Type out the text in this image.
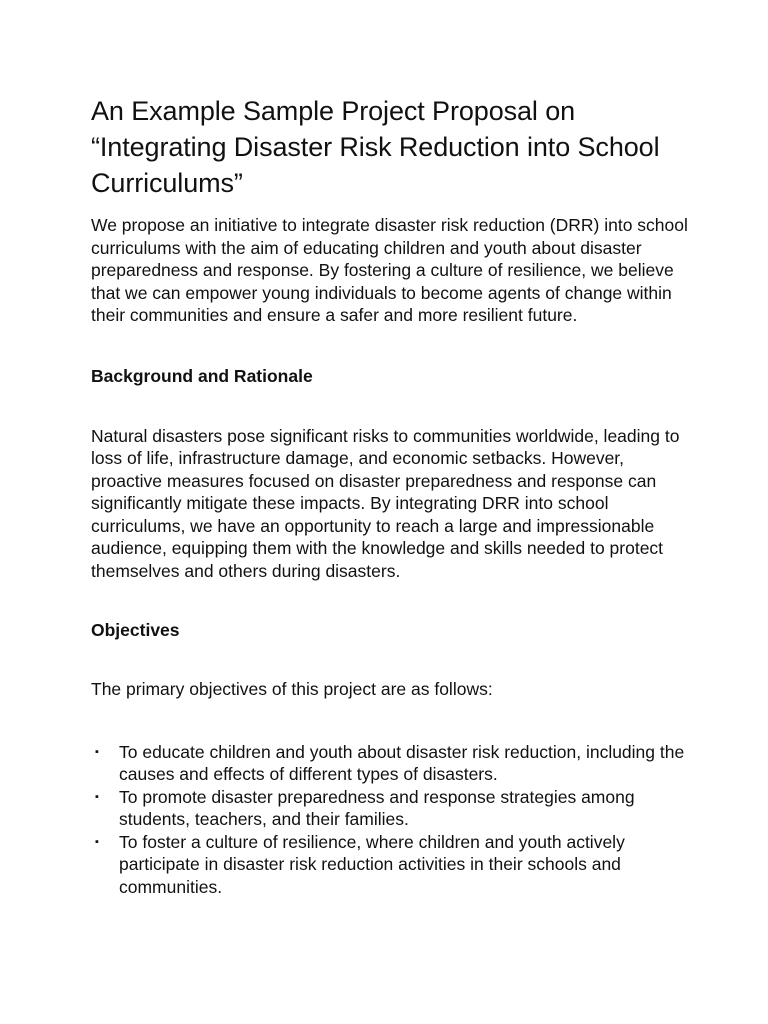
An Example Sample Project Proposal on “Integrating Disaster Risk Reduction into School Curriculums”

We propose an initiative to integrate disaster risk reduction (DRR) into school curriculums with the aim of educating children and youth about disaster preparedness and response. By fostering a culture of resilience, we believe that we can empower young individuals to become agents of change within their communities and ensure a safer and more resilient future.

Background and Rationale

Natural disasters pose significant risks to communities worldwide, leading to loss of life, infrastructure damage, and economic setbacks. However, proactive measures focused on disaster preparedness and response can significantly mitigate these impacts. By integrating DRR into school curriculums, we have an opportunity to reach a large and impressionable audience, equipping them with the knowledge and skills needed to protect themselves and others during disasters.

Objectives

The primary objectives of this project are as follows:

▪ To educate children and youth about disaster risk reduction, including the causes and effects of different types of disasters.
▪ To promote disaster preparedness and response strategies among students, teachers, and their families.
▪ To foster a culture of resilience, where children and youth actively participate in disaster risk reduction activities in their schools and communities.
